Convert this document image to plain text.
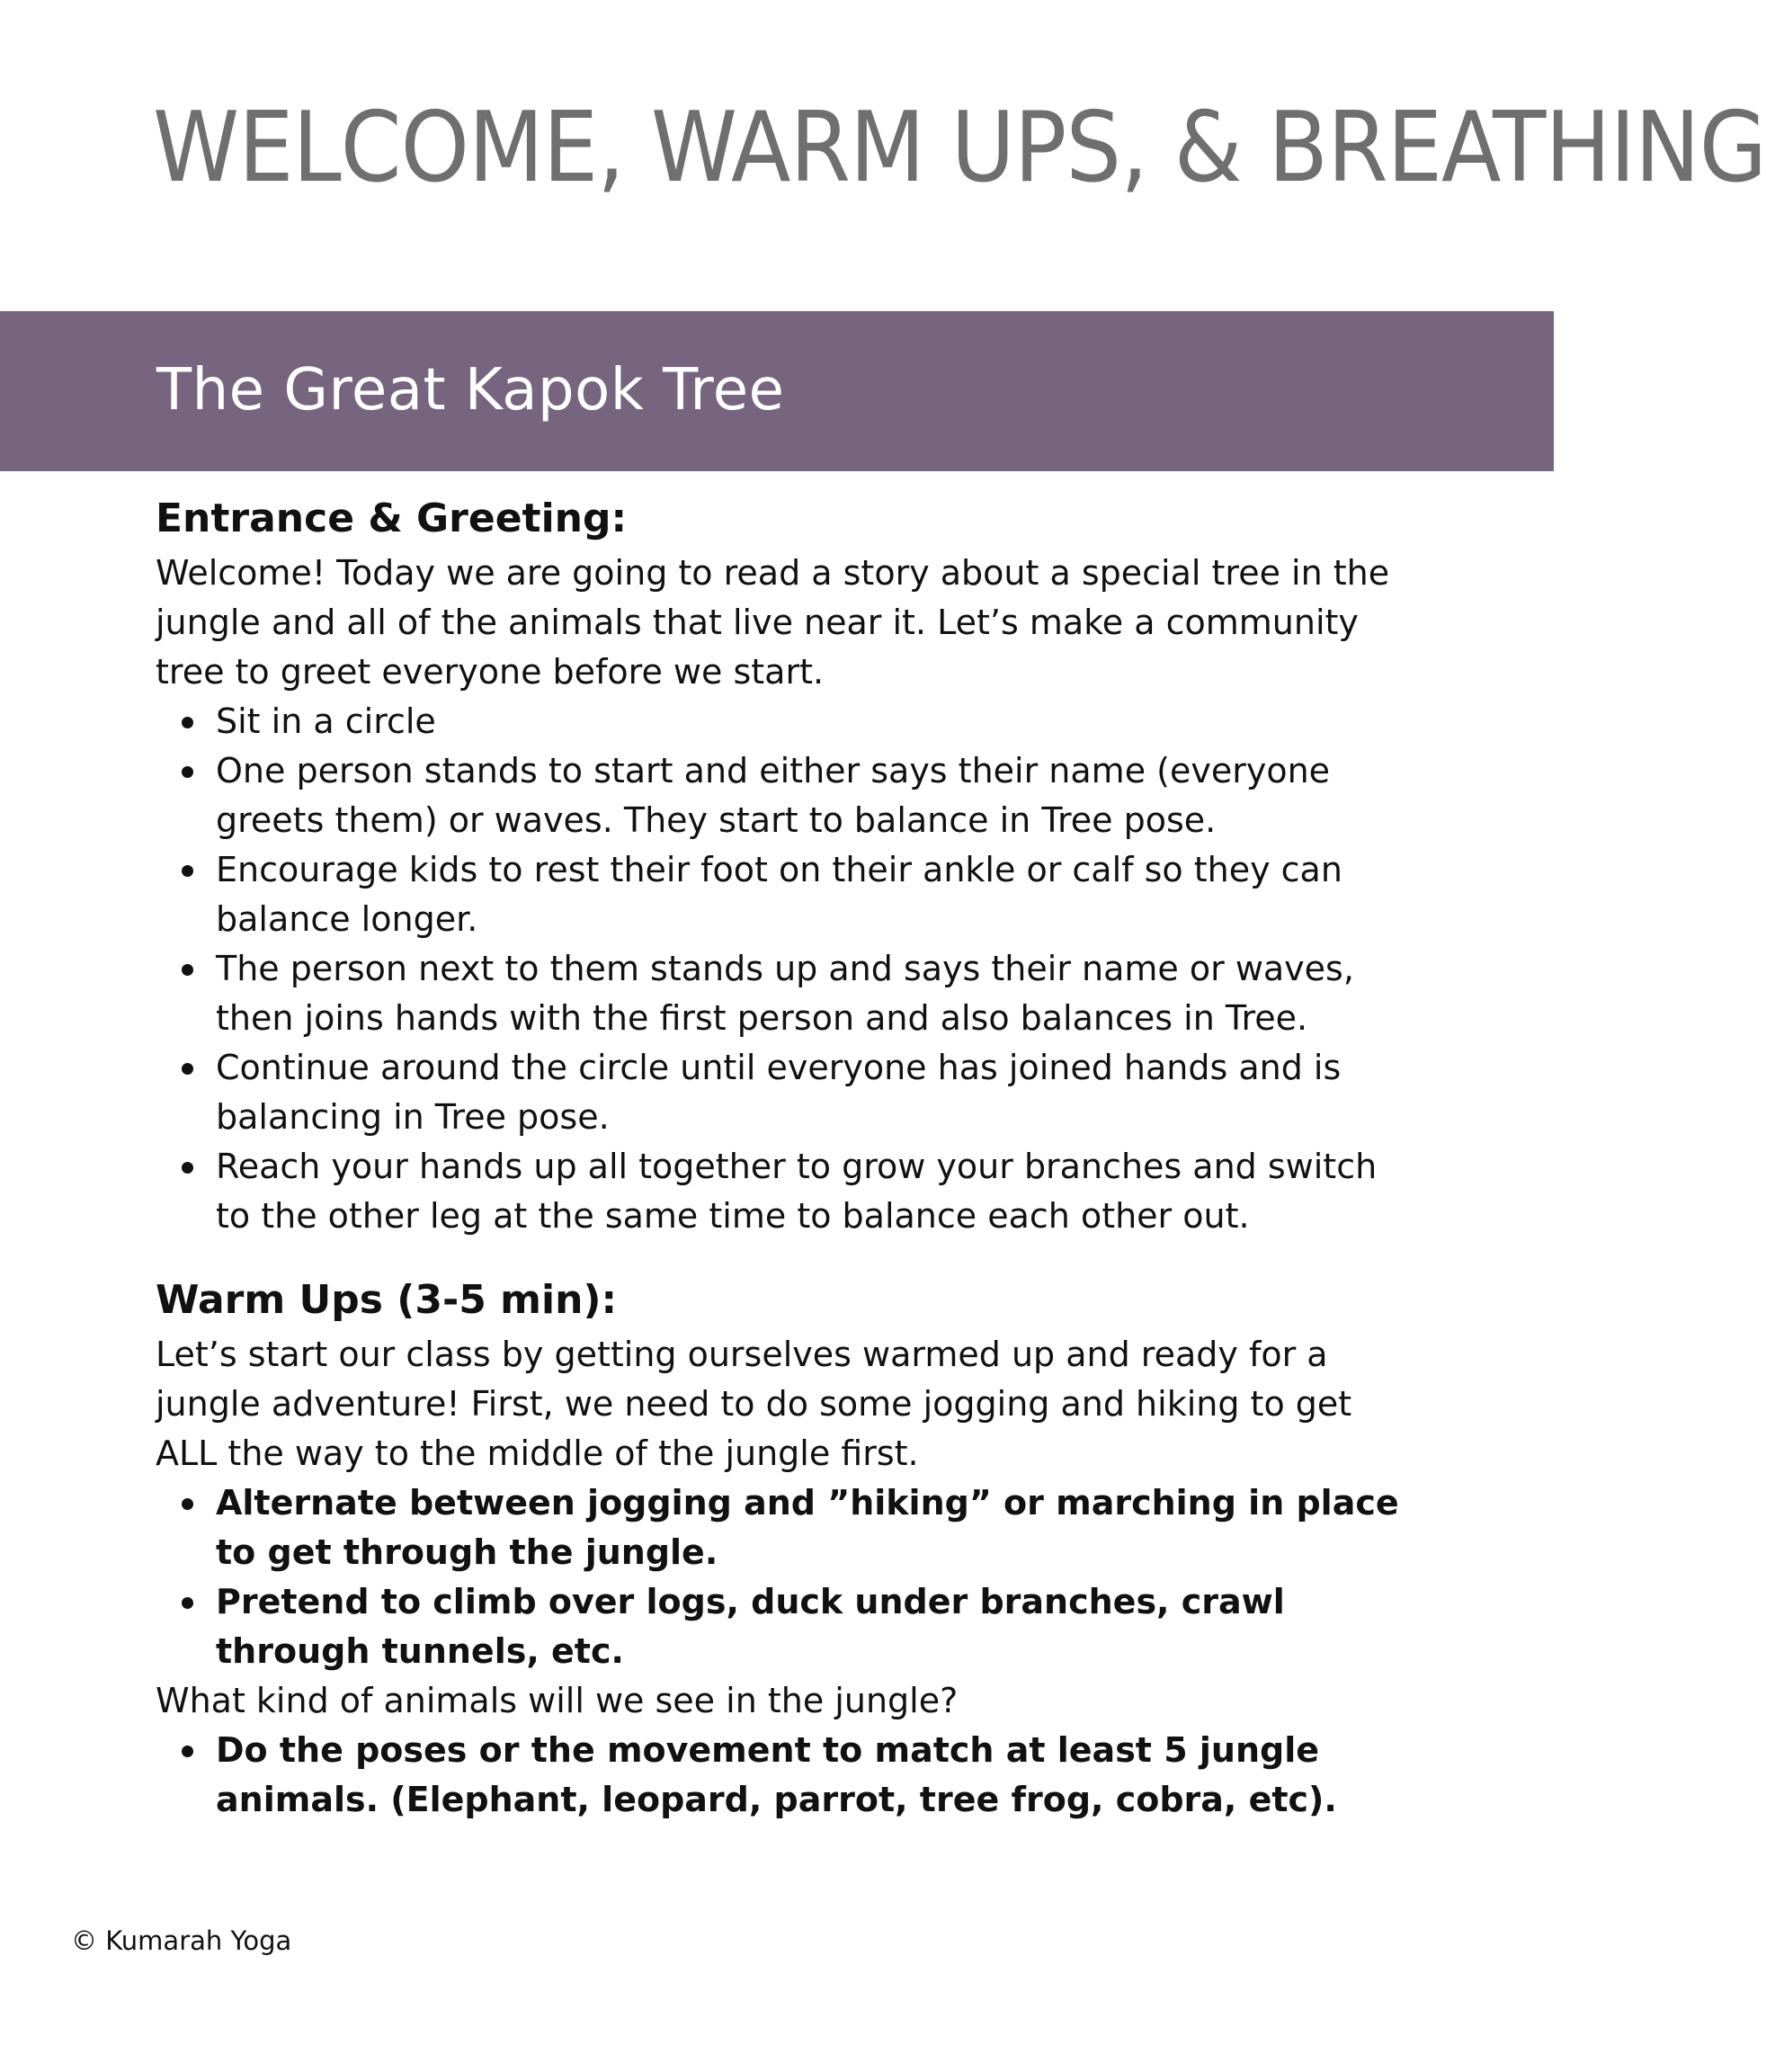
WELCOME, WARM UPS, & BREATHING
The Great Kapok Tree
Entrance & Greeting:

Welcome! Today we are going to read a story about a special tree in the jungle and all of the animals that live near it. Let’s make a community tree to greet everyone before we start.

Sit in a circle
One person stands to start and either says their name (everyone greets them) or waves. They start to balance in Tree pose.
Encourage kids to rest their foot on their ankle or calf so they can balance longer.
The person next to them stands up and says their name or waves, then joins hands with the first person and also balances in Tree.
Continue around the circle until everyone has joined hands and is balancing in Tree pose.
Reach your hands up all together to grow your branches and switch to the other leg at the same time to balance each other out.
Warm Ups (3-5 min):

Let’s start our class by getting ourselves warmed up and ready for a jungle adventure! First, we need to do some jogging and hiking to get ALL the way to the middle of the jungle first.

Alternate between jogging and ”hiking” or marching in place to get through the jungle.
Pretend to climb over logs, duck under branches, crawl through tunnels, etc.

What kind of animals will we see in the jungle?

Do the poses or the movement to match at least 5 jungle animals. (Elephant, leopard, parrot, tree frog, cobra, etc).
© Kumarah Yoga
